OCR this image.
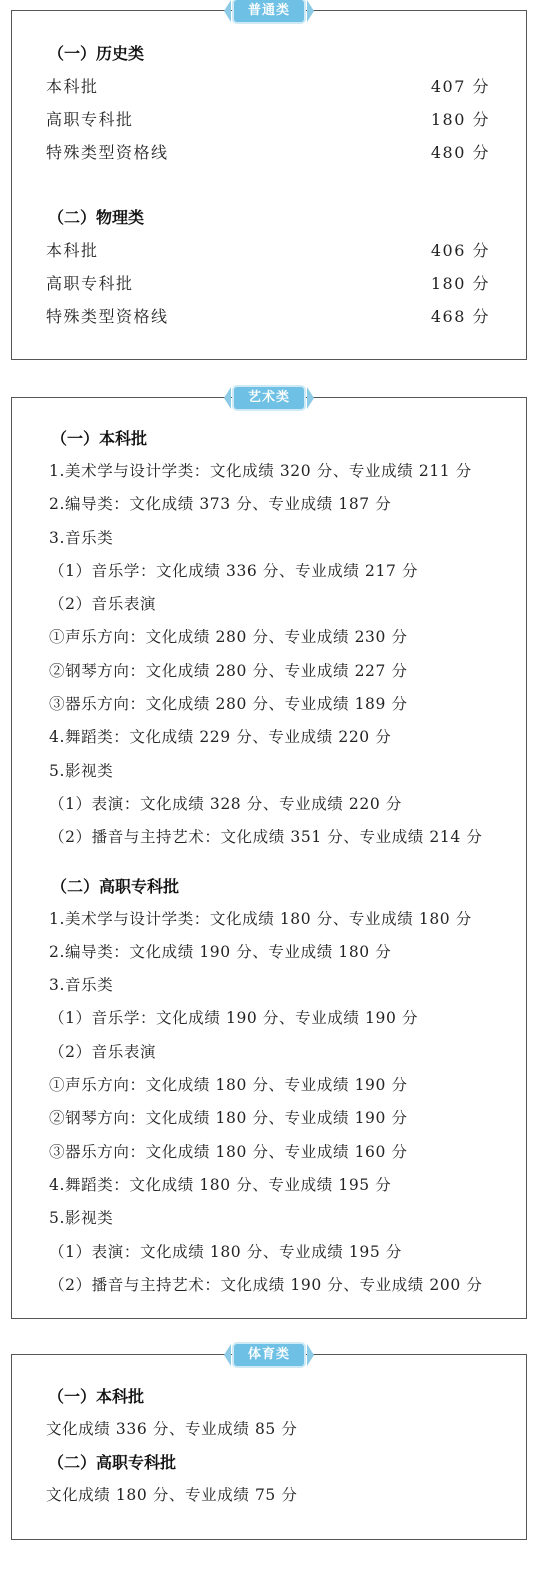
普通类
（一）历史类
本科批	407 分
高职专科批	180 分
特殊类型资格线	480 分
（二）物理类
本科批	406 分
高职专科批	180 分
特殊类型资格线	468 分
艺术类
（一）本科批
1.美术学与设计学类：文化成绩 320 分、专业成绩 211 分
2.编导类：文化成绩 373 分、专业成绩 187 分
3.音乐类
（1）音乐学：文化成绩 336 分、专业成绩 217 分
（2）音乐表演
①声乐方向：文化成绩 280 分、专业成绩 230 分
②钢琴方向：文化成绩 280 分、专业成绩 227 分
③器乐方向：文化成绩 280 分、专业成绩 189 分
4.舞蹈类：文化成绩 229 分、专业成绩 220 分
5.影视类
（1）表演：文化成绩 328 分、专业成绩 220 分
（2）播音与主持艺术：文化成绩 351 分、专业成绩 214 分
（二）高职专科批
1.美术学与设计学类：文化成绩 180 分、专业成绩 180 分
2.编导类：文化成绩 190 分、专业成绩 180 分
3.音乐类
（1）音乐学：文化成绩 190 分、专业成绩 190 分
（2）音乐表演
①声乐方向：文化成绩 180 分、专业成绩 190 分
②钢琴方向：文化成绩 180 分、专业成绩 190 分
③器乐方向：文化成绩 180 分、专业成绩 160 分
4.舞蹈类：文化成绩 180 分、专业成绩 195 分
5.影视类
（1）表演：文化成绩 180 分、专业成绩 195 分
（2）播音与主持艺术：文化成绩 190 分、专业成绩 200 分
体育类
（一）本科批
文化成绩 336 分、专业成绩 85 分
（二）高职专科批
文化成绩 180 分、专业成绩 75 分
